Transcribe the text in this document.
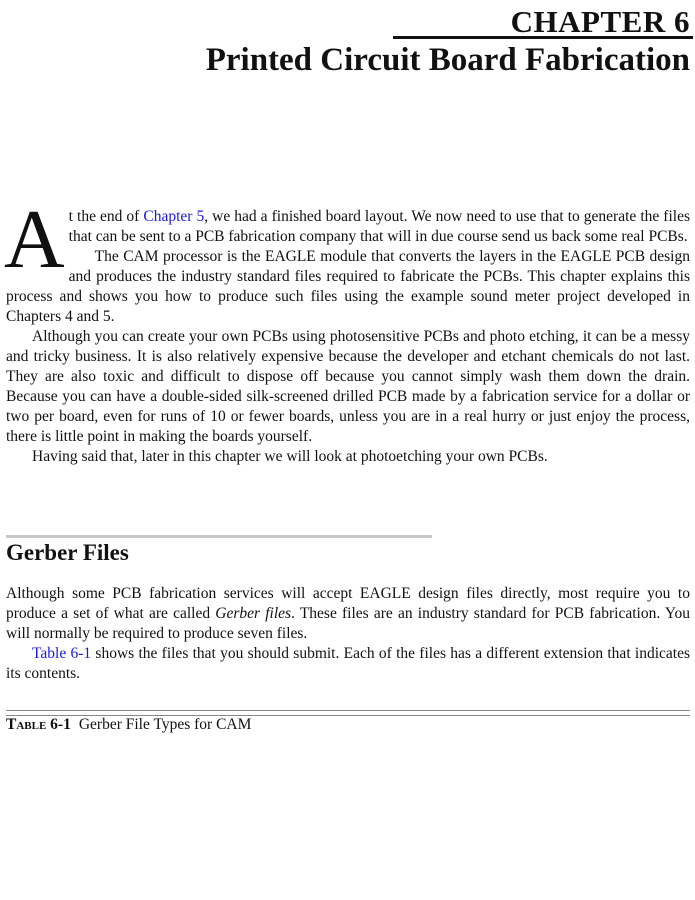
CHAPTER 6
Printed Circuit Board Fabrication

At the end of Chapter 5, we had a finished board layout. We now need to use that to generate the files that can be sent to a PCB fabrication company that will in due course send us back some real PCBs.

The CAM processor is the EAGLE module that converts the layers in the EAGLE PCB design and produces the industry standard files required to fabricate the PCBs. This chapter explains this process and shows you how to produce such files using the example sound meter project developed in Chapters 4 and 5.

Although you can create your own PCBs using photosensitive PCBs and photo etching, it can be a messy and tricky business. It is also relatively expensive because the developer and etchant chemicals do not last. They are also toxic and difficult to dispose off because you cannot simply wash them down the drain. Because you can have a double-sided silk-screened drilled PCB made by a fabrication service for a dollar or two per board, even for runs of 10 or fewer boards, unless you are in a real hurry or just enjoy the process, there is little point in making the boards yourself.

Having said that, later in this chapter we will look at photoetching your own PCBs.

Gerber Files

Although some PCB fabrication services will accept EAGLE design files directly, most require you to produce a set of what are called Gerber files. These files are an industry standard for PCB fabrication. You will normally be required to produce seven files.

Table 6-1 shows the files that you should submit. Each of the files has a different extension that indicates its contents.

Table 6-1 Gerber File Types for CAM
